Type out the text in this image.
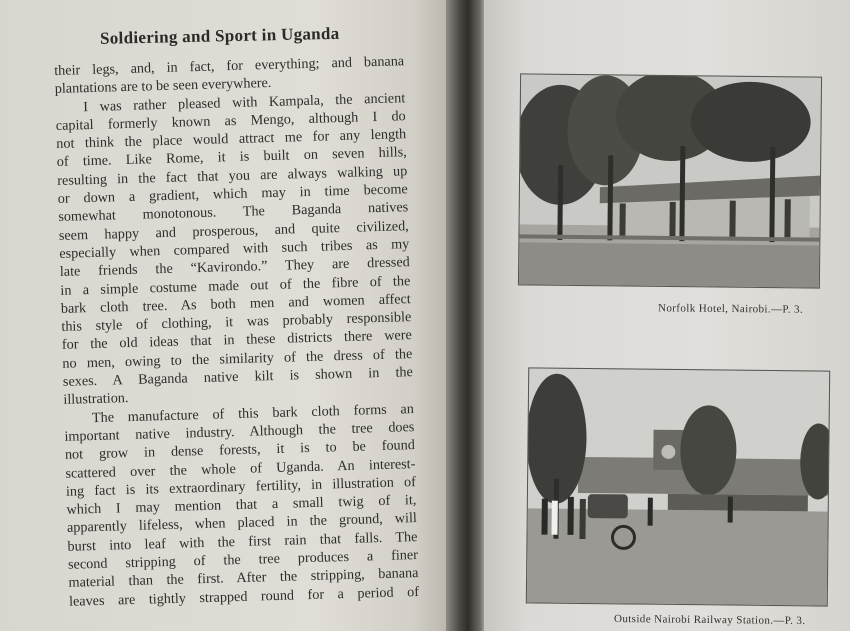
Soldiering and Sport in Uganda
their legs, and, in fact, for everything; and banana
plantations are to be seen everywhere.
I was rather pleased with Kampala, the ancient
capital formerly known as Mengo, although I do
not think the place would attract me for any length
of time. Like Rome, it is built on seven hills,
resulting in the fact that you are always walking up
or down a gradient, which may in time become
somewhat monotonous. The Baganda natives
seem happy and prosperous, and quite civilized,
especially when compared with such tribes as my
late friends the “Kavirondo.” They are dressed
in a simple costume made out of the fibre of the
bark cloth tree. As both men and women affect
this style of clothing, it was probably responsible
for the old ideas that in these districts there were
no men, owing to the similarity of the dress of the
sexes. A Baganda native kilt is shown in the
illustration.
The manufacture of this bark cloth forms an
important native industry. Although the tree does
not grow in dense forests, it is to be found
scattered over the whole of Uganda. An interest-
ing fact is its extraordinary fertility, in illustration of
which I may mention that a small twig of it,
apparently lifeless, when placed in the ground, will
burst into leaf with the first rain that falls. The
second stripping of the tree produces a finer
material than the first. After the stripping, banana
leaves are tightly strapped round for a period of
Norfolk Hotel, Nairobi.—P. 3.
Outside Nairobi Railway Station.—P. 3.
